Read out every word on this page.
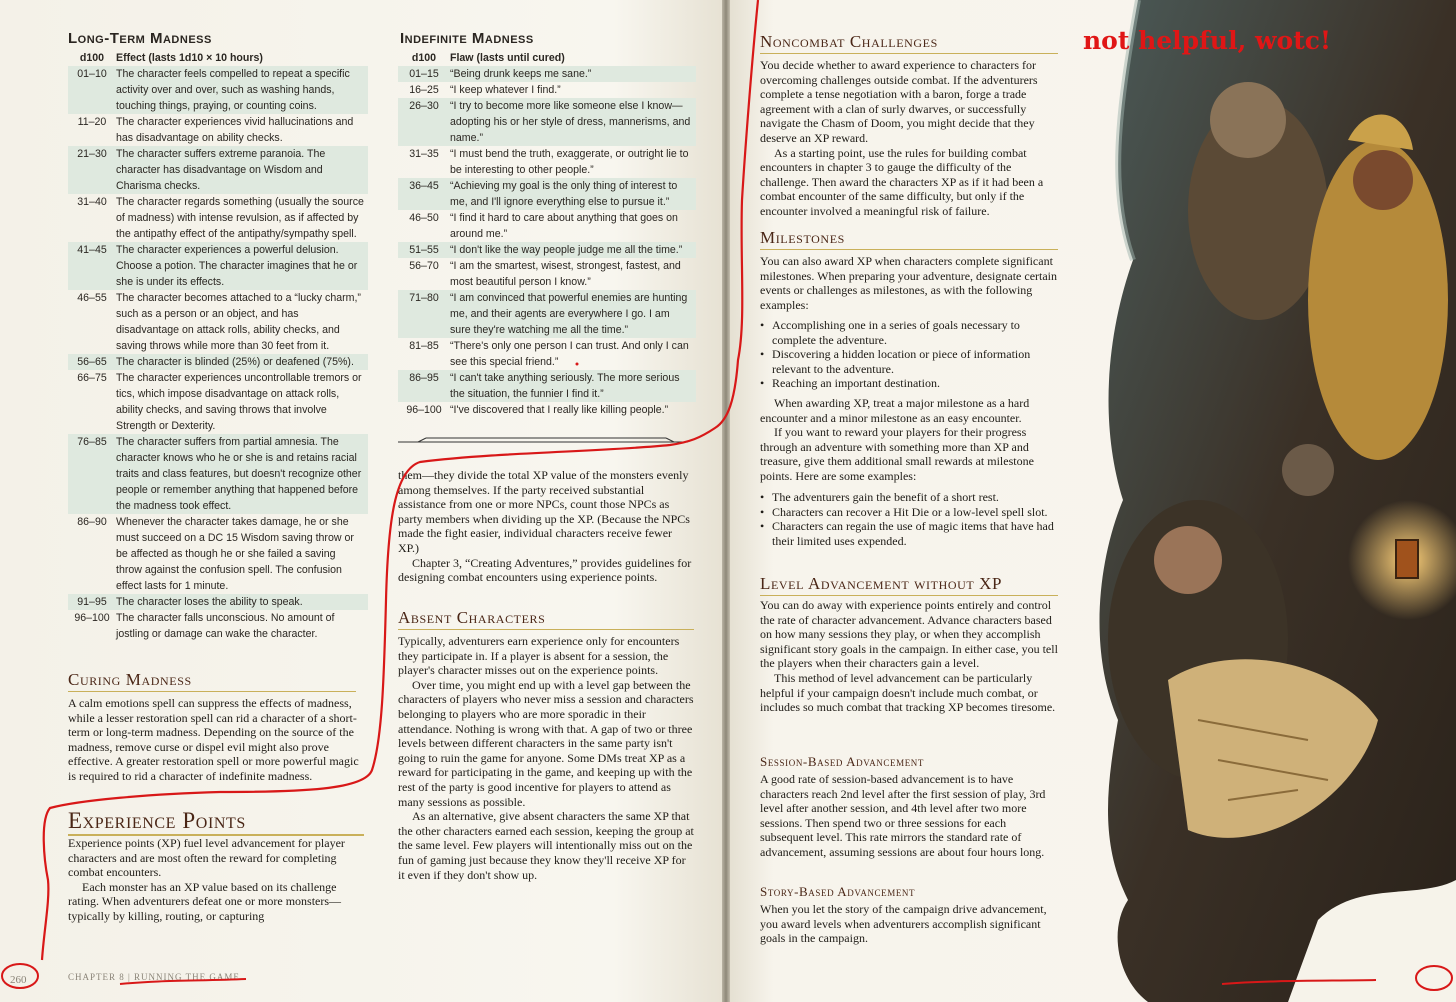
Long-Term Madness
d100	Effect (lasts 1d10 × 10 hours)
01–10 The character feels compelled to repeat a specific activity over and over, such as washing hands, touching things, praying, or counting coins.
11–20 The character experiences vivid hallucinations and has disadvantage on ability checks.
21–30 The character suffers extreme paranoia. The character has disadvantage on Wisdom and Charisma checks.
31–40 The character regards something (usually the source of madness) with intense revulsion, as if affected by the antipathy effect of the antipathy/sympathy spell.
41–45 The character experiences a powerful delusion. Choose a potion. The character imagines that he or she is under its effects.
46–55 The character becomes attached to a “lucky charm,” such as a person or an object, and has disadvantage on attack rolls, ability checks, and saving throws while more than 30 feet from it.
56–65 The character is blinded (25%) or deafened (75%).
66–75 The character experiences uncontrollable tremors or tics, which impose disadvantage on attack rolls, ability checks, and saving throws that involve Strength or Dexterity.
76–85 The character suffers from partial amnesia. The character knows who he or she is and retains racial traits and class features, but doesn't recognize other people or remember anything that happened before the madness took effect.
86–90 Whenever the character takes damage, he or she must succeed on a DC 15 Wisdom saving throw or be affected as though he or she failed a saving throw against the confusion spell. The confusion effect lasts for 1 minute.
91–95 The character loses the ability to speak.
96–100 The character falls unconscious. No amount of jostling or damage can wake the character.
Indefinite Madness
d100	Flaw (lasts until cured)
01–15	“Being drunk keeps me sane.”
16–25	“I keep whatever I find.”
26–30	“I try to become more like someone else I know—adopting his or her style of dress, mannerisms, and name.”
31–35	“I must bend the truth, exaggerate, or outright lie to be interesting to other people.”
36–45	“Achieving my goal is the only thing of interest to me, and I'll ignore everything else to pursue it.”
46–50	“I find it hard to care about anything that goes on around me.”
51–55	“I don't like the way people judge me all the time.”
56–70	“I am the smartest, wisest, strongest, fastest, and most beautiful person I know.”
71–80	“I am convinced that powerful enemies are hunting me, and their agents are everywhere I go. I am sure they're watching me all the time.”
81–85	“There's only one person I can trust. And only I can see this special friend.”
86–95	“I can't take anything seriously. The more serious the situation, the funnier I find it.”
96–100 “I've discovered that I really like killing people.”
Curing Madness

A calm emotions spell can suppress the effects of madness, while a lesser restoration spell can rid a character of a short-term or long-term madness. Depending on the source of the madness, remove curse or dispel evil might also prove effective. A greater restoration spell or more powerful magic is required to rid a character of indefinite madness.

Experience Points

Experience points (XP) fuel level advancement for player characters and are most often the reward for completing combat encounters.

Each monster has an XP value based on its challenge rating. When adventurers defeat one or more monsters—typically by killing, routing, or capturing

them—they divide the total XP value of the monsters evenly among themselves. If the party received substantial assistance from one or more NPCs, count those NPCs as party members when dividing up the XP. (Because the NPCs made the fight easier, individual characters receive fewer XP.)

Chapter 3, “Creating Adventures,” provides guidelines for designing combat encounters using experience points.

Absent Characters

Typically, adventurers earn experience only for encounters they participate in. If a player is absent for a session, the player's character misses out on the experience points.

Over time, you might end up with a level gap between the characters of players who never miss a session and characters belonging to players who are more sporadic in their attendance. Nothing is wrong with that. A gap of two or three levels between different characters in the same party isn't going to ruin the game for anyone. Some DMs treat XP as a reward for participating in the game, and keeping up with the rest of the party is good incentive for players to attend as many sessions as possible.

As an alternative, give absent characters the same XP that the other characters earned each session, keeping the group at the same level. Few players will intentionally miss out on the fun of gaming just because they know they'll receive XP for it even if they don't show up.

CHAPTER 8 | RUNNING THE GAME
260
Noncombat Challenges

You decide whether to award experience to characters for overcoming challenges outside combat. If the adventurers complete a tense negotiation with a baron, forge a trade agreement with a clan of surly dwarves, or successfully navigate the Chasm of Doom, you might decide that they deserve an XP reward.

As a starting point, use the rules for building combat encounters in chapter 3 to gauge the difficulty of the challenge. Then award the characters XP as if it had been a combat encounter of the same difficulty, but only if the encounter involved a meaningful risk of failure.

Milestones

You can also award XP when characters complete significant milestones. When preparing your adventure, designate certain events or challenges as milestones, as with the following examples:

• Accomplishing one in a series of goals necessary to complete the adventure.
• Discovering a hidden location or piece of information relevant to the adventure.
• Reaching an important destination.

When awarding XP, treat a major milestone as a hard encounter and a minor milestone as an easy encounter.

If you want to reward your players for their progress through an adventure with something more than XP and treasure, give them additional small rewards at milestone points. Here are some examples:

• The adventurers gain the benefit of a short rest.
• Characters can recover a Hit Die or a low-level spell slot.
• Characters can regain the use of magic items that have had their limited uses expended.
Level Advancement without XP

You can do away with experience points entirely and control the rate of character advancement. Advance characters based on how many sessions they play, or when they accomplish significant story goals in the campaign. In either case, you tell the players when their characters gain a level.

This method of level advancement can be particularly helpful if your campaign doesn't include much combat, or includes so much combat that tracking XP becomes tiresome.

Session-Based Advancement

A good rate of session-based advancement is to have characters reach 2nd level after the first session of play, 3rd level after another session, and 4th level after two more sessions. Then spend two or three sessions for each subsequent level. This rate mirrors the standard rate of advancement, assuming sessions are about four hours long.

Story-Based Advancement

When you let the story of the campaign drive advancement, you award levels when adventurers accomplish significant goals in the campaign.

not helpful, wotc!
